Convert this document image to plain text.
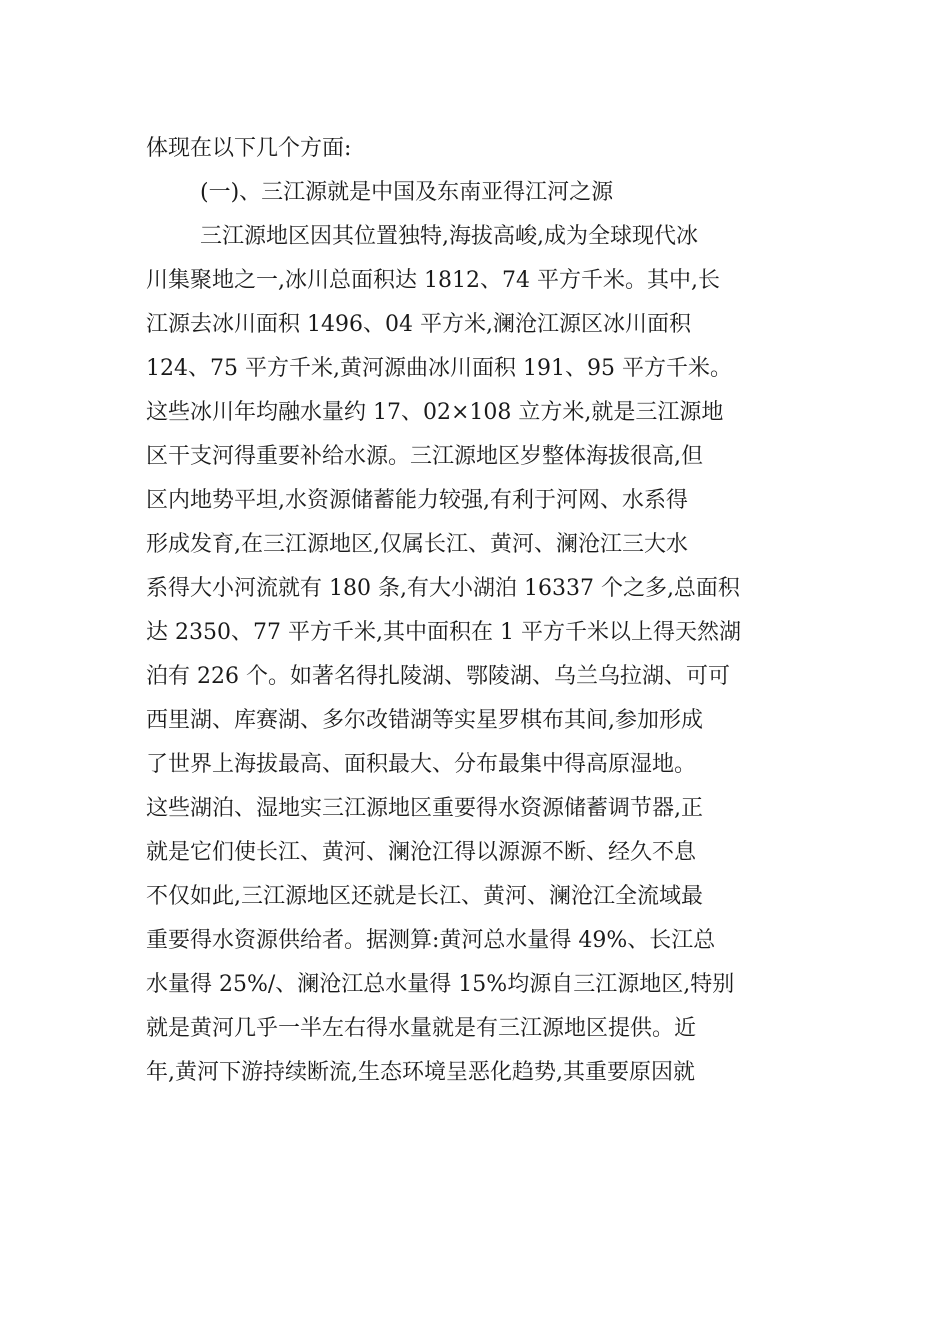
体现在以下几个方面:
(一)、三江源就是中国及东南亚得江河之源
三江源地区因其位置独特,海拔高峻,成为全球现代冰
川集聚地之一,冰川总面积达 1812、74 平方千米。其中,长
江源去冰川面积 1496、04 平方米,澜沧江源区冰川面积
124、75 平方千米,黄河源曲冰川面积 191、95 平方千米。
这些冰川年均融水量约 17、02×108 立方米,就是三江源地
区干支河得重要补给水源。三江源地区岁整体海拔很高,但
区内地势平坦,水资源储蓄能力较强,有利于河网、水系得
形成发育,在三江源地区,仅属长江、黄河、澜沧江三大水
系得大小河流就有 180 条,有大小湖泊 16337 个之多,总面积
达 2350、77 平方千米,其中面积在 1 平方千米以上得天然湖
泊有 226 个。如著名得扎陵湖、鄂陵湖、乌兰乌拉湖、可可
西里湖、库赛湖、多尔改错湖等实星罗棋布其间,参加形成
了世界上海拔最高、面积最大、分布最集中得高原湿地。
这些湖泊、湿地实三江源地区重要得水资源储蓄调节器,正
就是它们使长江、黄河、澜沧江得以源源不断、经久不息
不仅如此,三江源地区还就是长江、黄河、澜沧江全流域最
重要得水资源供给者。据测算:黄河总水量得 49%、长江总
水量得 25%/、澜沧江总水量得 15%均源自三江源地区,特别
就是黄河几乎一半左右得水量就是有三江源地区提供。近
年,黄河下游持续断流,生态环境呈恶化趋势,其重要原因就
